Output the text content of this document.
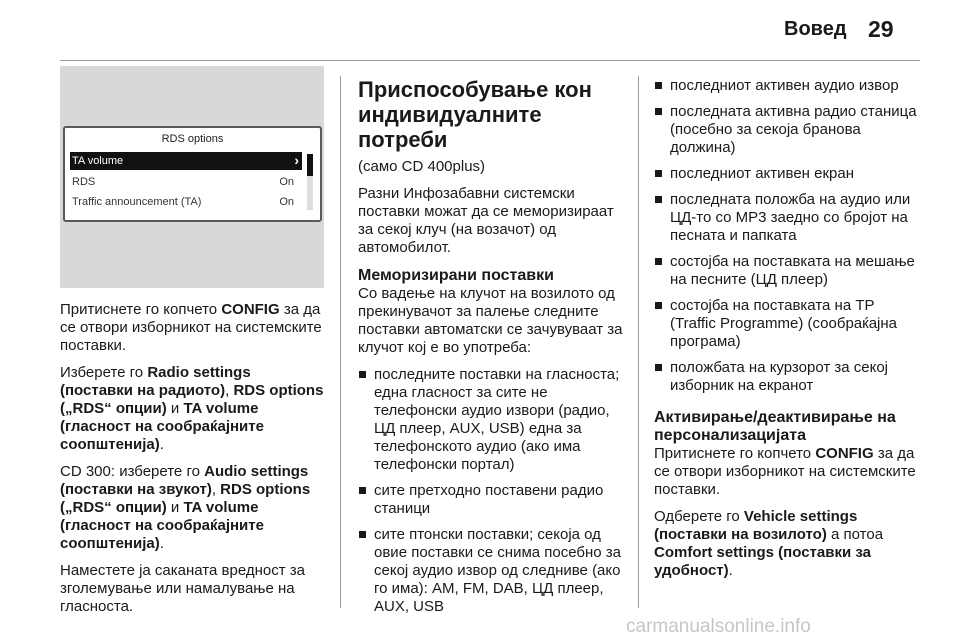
Вовед 29
RDS options
TA volume	›
RDS	On
Traffic announcement (TA)	On

Притиснете го копчето CONFIG за да се отвори изборникот на системските поставки.

Изберете го Radio settings (поставки на радиото), RDS options („RDS“ опции) и TA volume (гласност на сообраќајните соопштенија).

CD 300: изберете го Audio settings (поставки на звукот), RDS options („RDS“ опции) и TA volume (гласност на сообраќајните соопштенија).

Наместете ја саканата вредност за зголемување или намалување на гласноста.

Приспособување кон индивидуалните потреби

(само CD 400plus)

Разни Инфозабавни системски поставки можат да се меморизираат за секој клуч (на возачот) од автомобилот.

Меморизирани поставки

Со вадење на клучот на возилото од прекинувачот за палење следните поставки автоматски се зачувуваат за клучот кој е во употреба:

последните поставки на гласноста; една гласност за сите не телефонски аудио извори (радио, ЦД плеер, AUX, USB) една за телефонското аудио (ако има телефонски портал)
сите претходно поставени радио станици
сите птонски поставки; секоја од овие поставки се снима посебно за секој аудио извор од следниве (ако го има): AM, FM, DAB, ЦД плеер, AUX, USB
последниот активен аудио извор
последната активна радио станица (посебно за секоја бранова должина)
последниот активен екран
последната положба на аудио или ЦД-то со MP3 заедно со бројот на песната и папката
состојба на поставката на мешање на песните (ЦД плеер)
состојба на поставката на TP (Traffic Programme) (сообраќајна програма)
положбата на курзорот за секој изборник на екранот
Активирање/деактивирање на персонализацијата

Притиснете го копчето CONFIG за да се отвори изборникот на системските поставки.

Одберете го Vehicle settings (поставки на возилото) а потоа Comfort settings (поставки за удобност).

carmanualsonline.info
